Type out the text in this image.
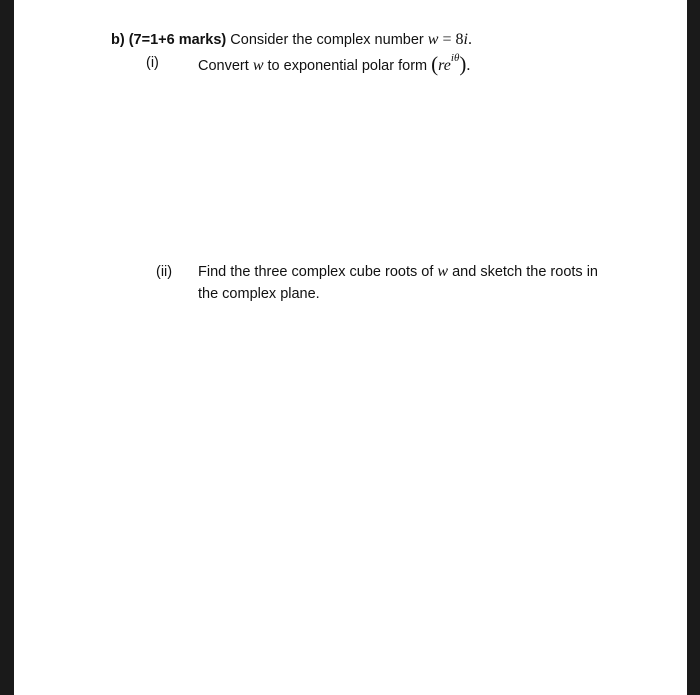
b) (7=1+6 marks) Consider the complex number w = 8i.
(i)	Convert w to exponential polar form $(re^{i\theta})$.
(ii) Find the three complex cube roots of w and sketch the roots in
the complex plane.
